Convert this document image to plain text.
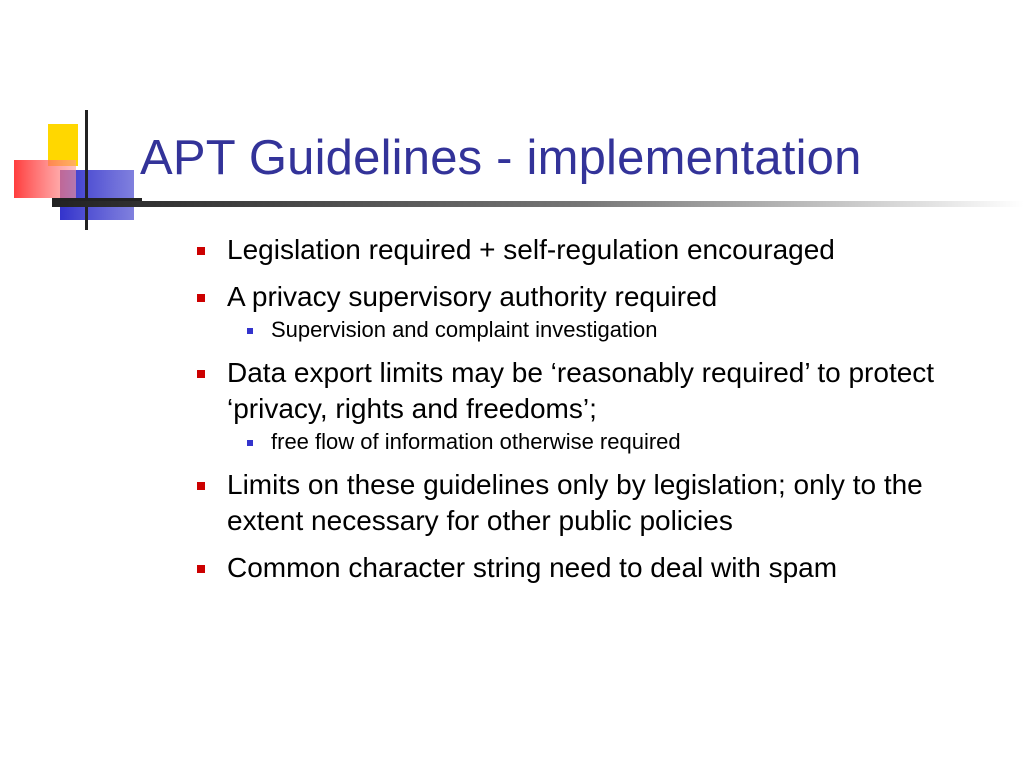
APT Guidelines - implementation
Legislation required + self-regulation encouraged
A privacy supervisory authority required
Supervision and complaint investigation
Data export limits may be ‘reasonably required’ to protect ‘privacy, rights and freedoms’;
free flow of information otherwise required
Limits on these guidelines only by legislation; only to the extent necessary for other public policies
Common character string need to deal with spam
